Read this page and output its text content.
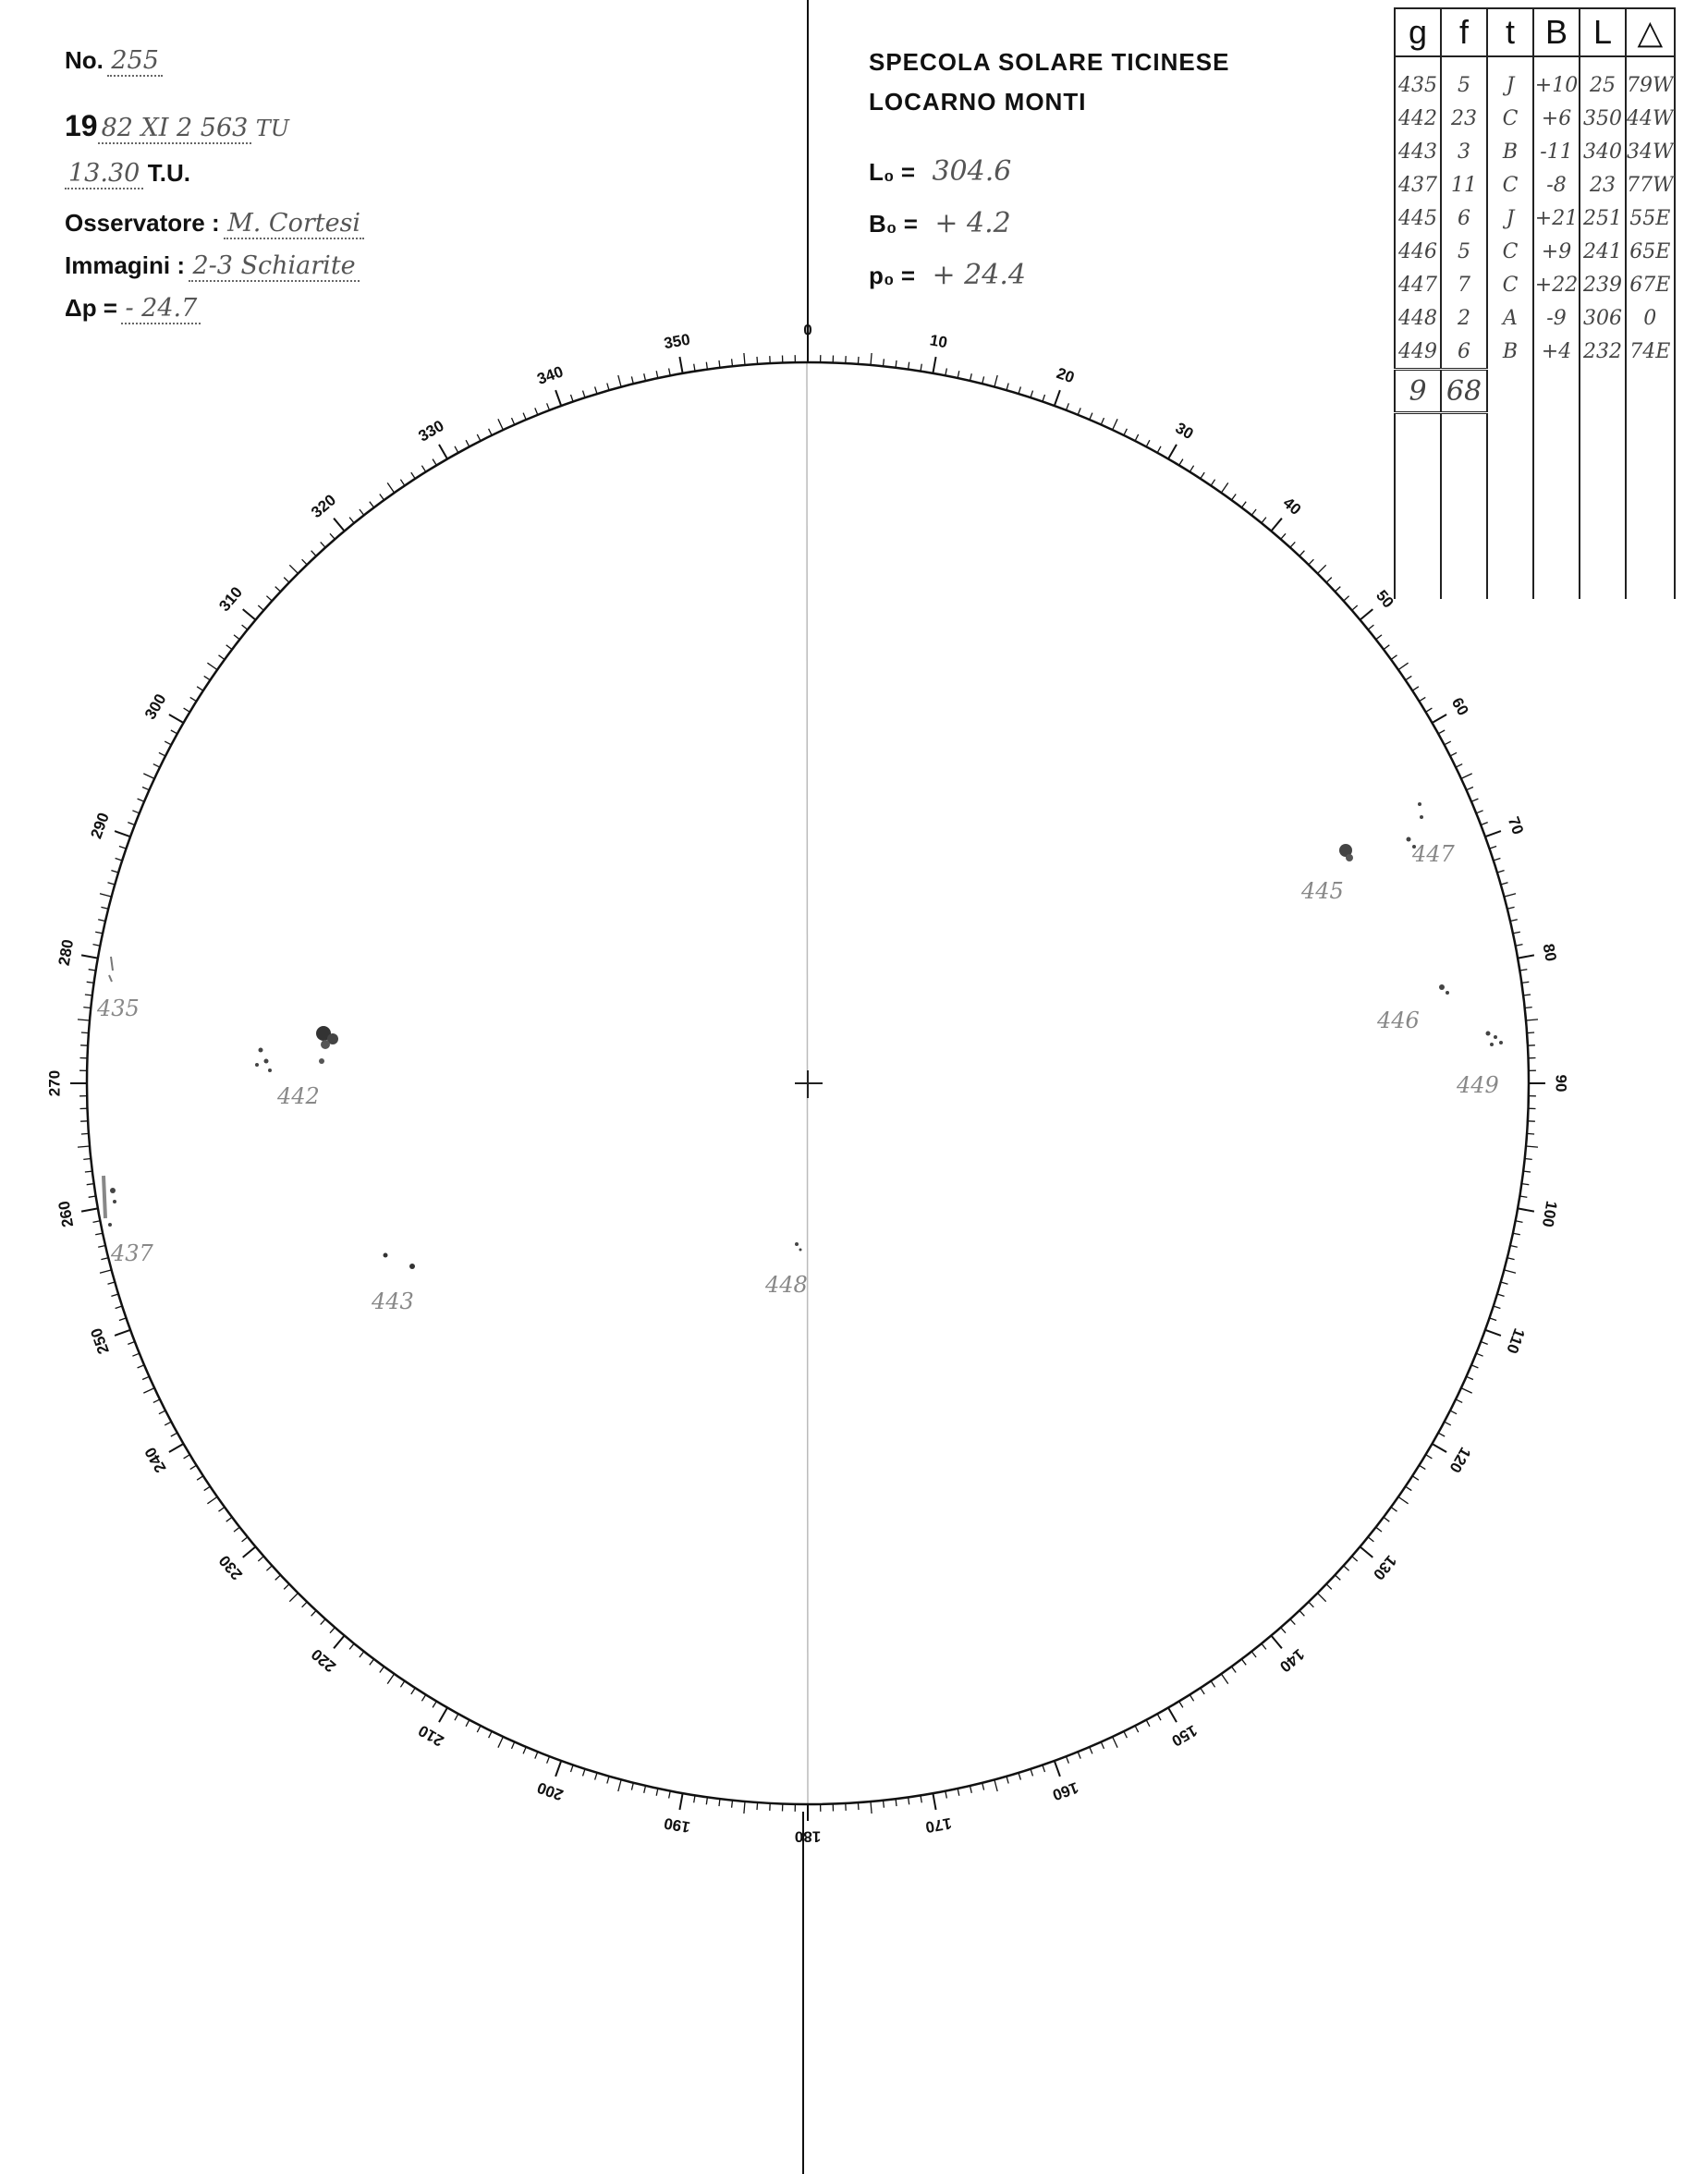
0
10
20
30
40
50
60
70
80
90
100
110
120
130
140
150
160
170
180
190
200
210
220
230
240
250
260
270
280
290
300
310
320
330
340
350
435
442
437
443
448
445
447
446
449
No. 255
19 82 XI 2 563 TU
13.30 T.U.
Osservatore : M. Cortesi
Immagini : 2-3 Schiarite
Δp = - 24.7
SPECOLA SOLARE TICINESE
LOCARNO MONTI
L₀ = 304.6
B₀ = + 4.2
p₀ = + 24.4
g	f	t	B	L	△
435	5	J	+10	25	79W
442	23	C	+6	350	44W
443	3	B	-11	340	34W
437	11	C	-8	23	77W
445	6	J	+21	251	55E
446	5	C	+9	241	65E
447	7	C	+22	239	67E
448	2	A	-9	306	0
449	6	B	+4	232	74E
9	68				
